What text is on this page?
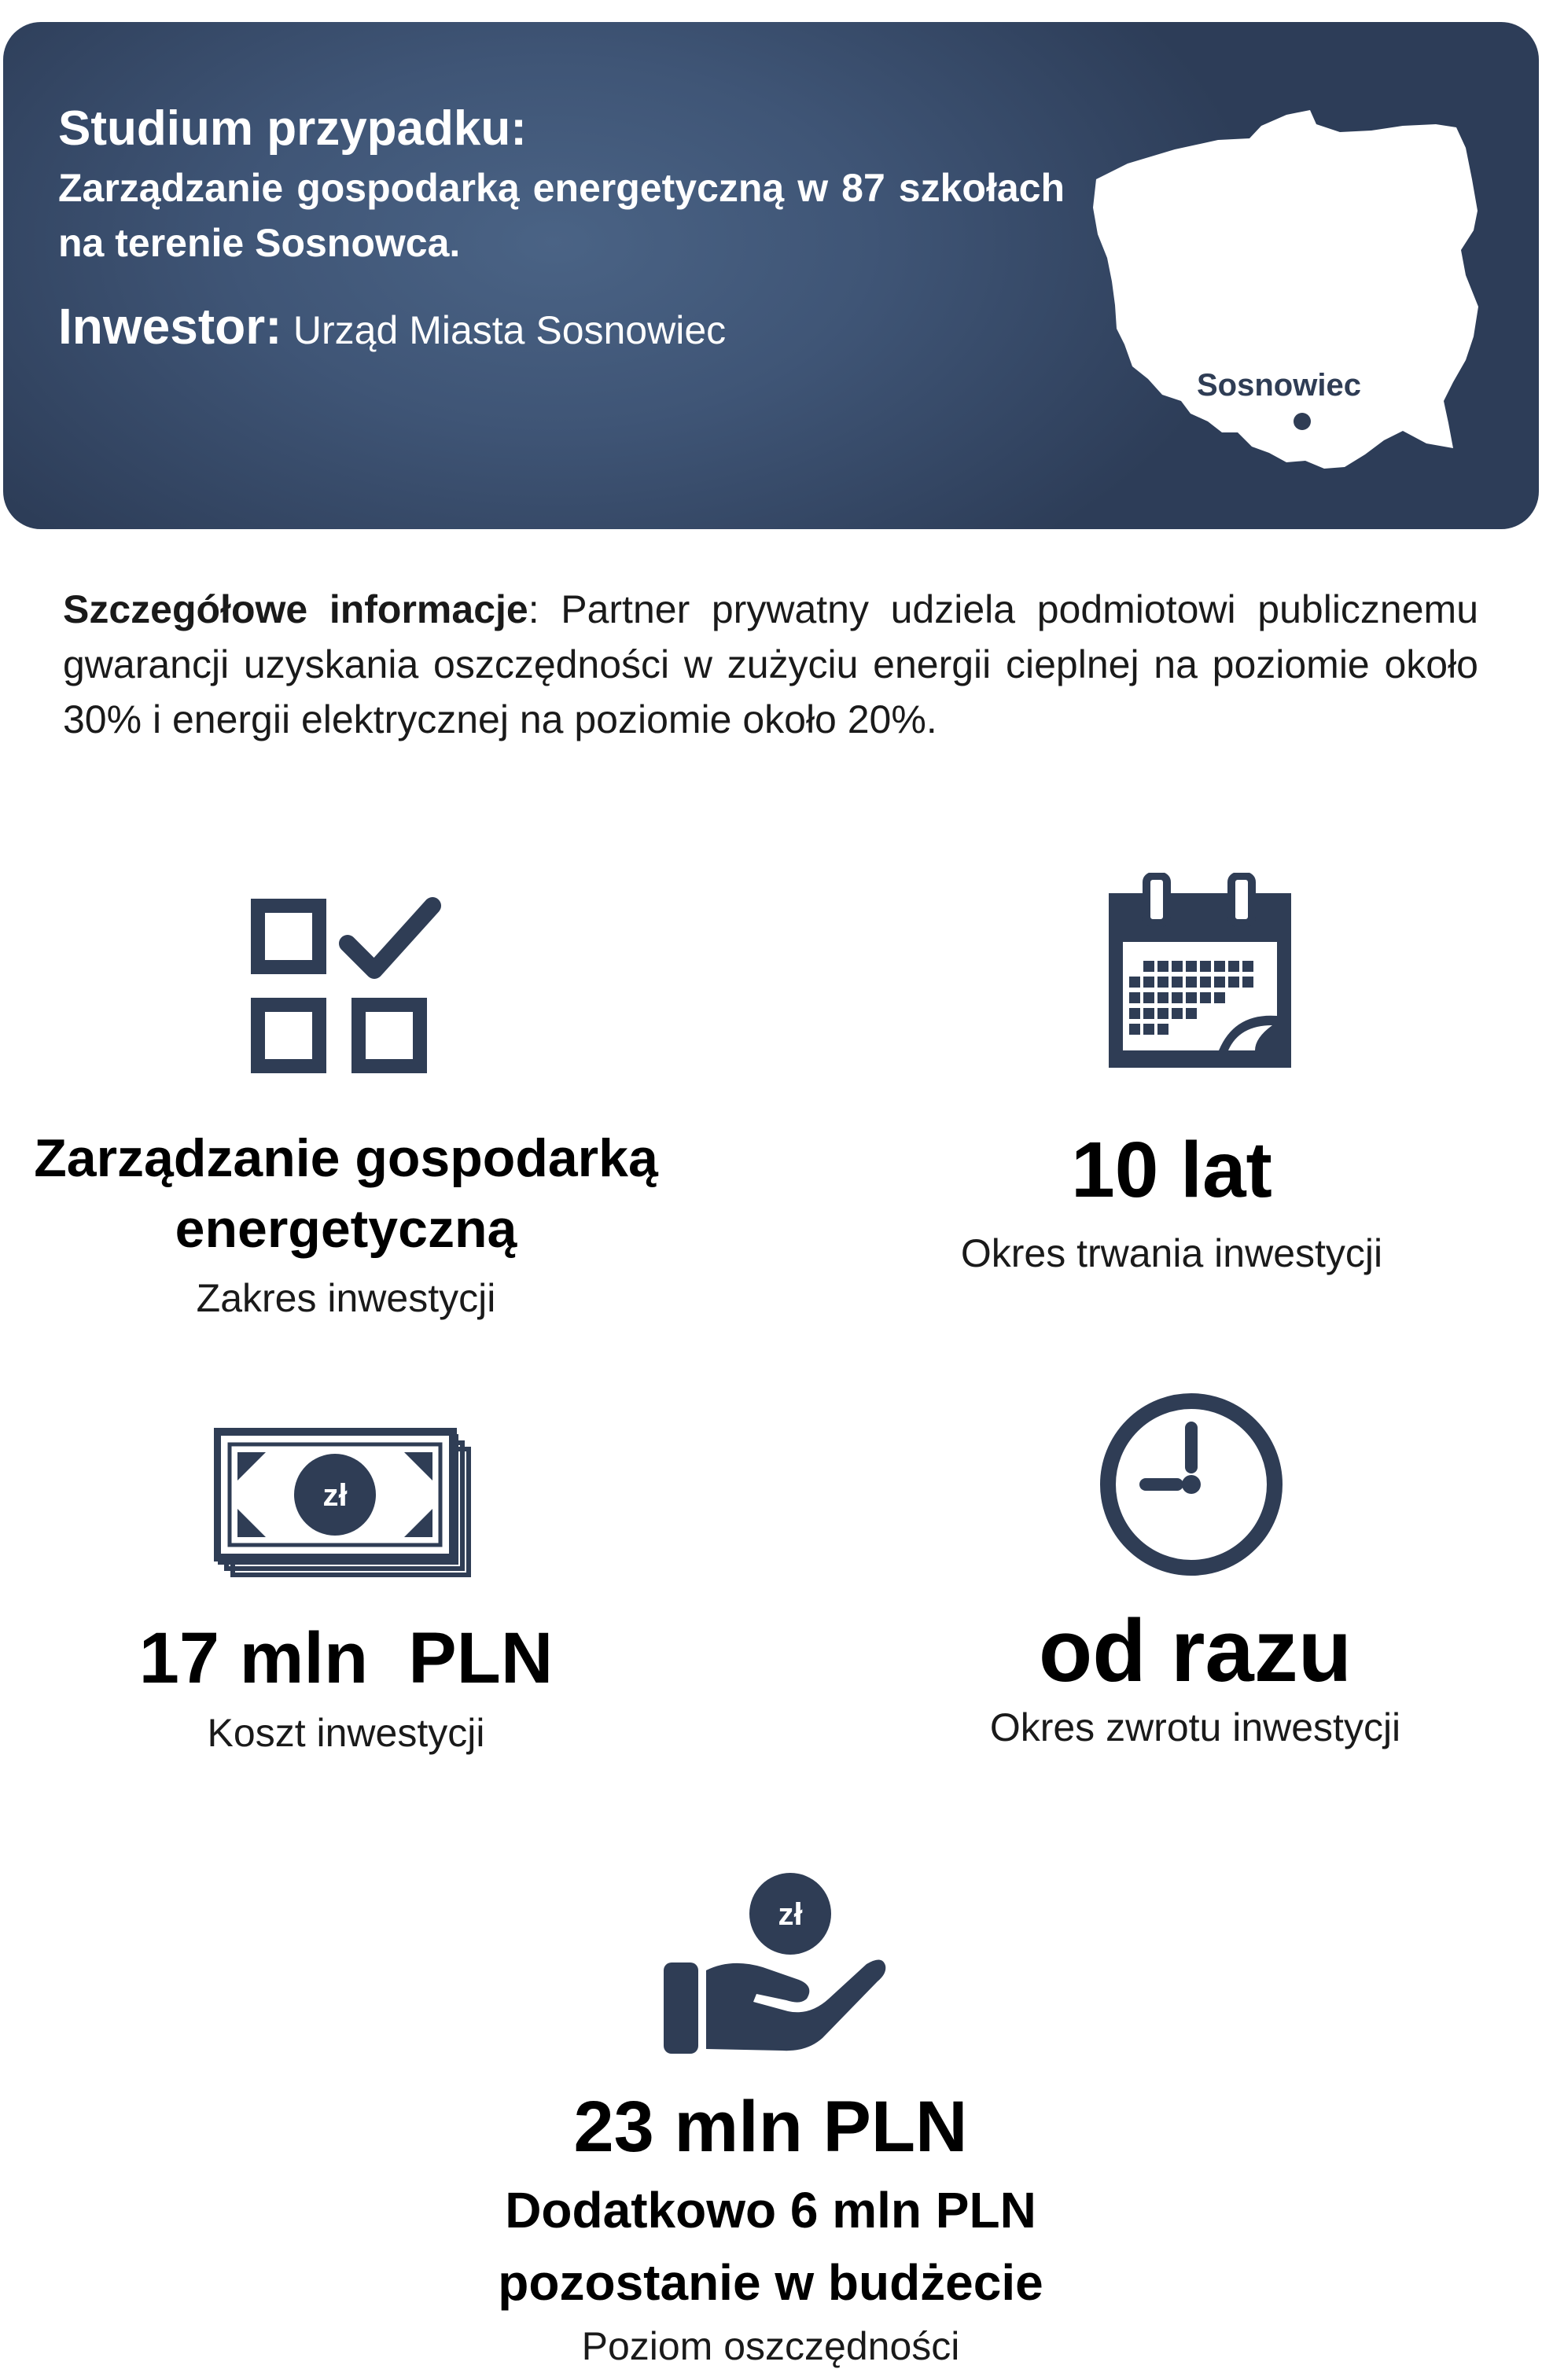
Studium przypadku:

Zarządzanie gospodarką energetyczną w 87 szkołach na terenie Sosnowca.

Inwestor: Urząd Miasta Sosnowiec
Sosnowiec

Szczegółowe informacje: Partner prywatny udziela podmiotowi publicznemu gwarancji uzyskania oszczędności w zużyciu energii cieplnej na poziomie około 30% i energii elektrycznej na poziomie około 20%.

Zarządzanie gospodarką
energetyczną
Zakres inwestycji
10 lat
Okres trwania inwestycji
zł
17 mln  PLN
Koszt inwestycji
od razu
Okres zwrotu inwestycji
zł
23 mln PLN
Dodatkowo 6 mln PLN
pozostanie w budżecie
Poziom oszczędności
